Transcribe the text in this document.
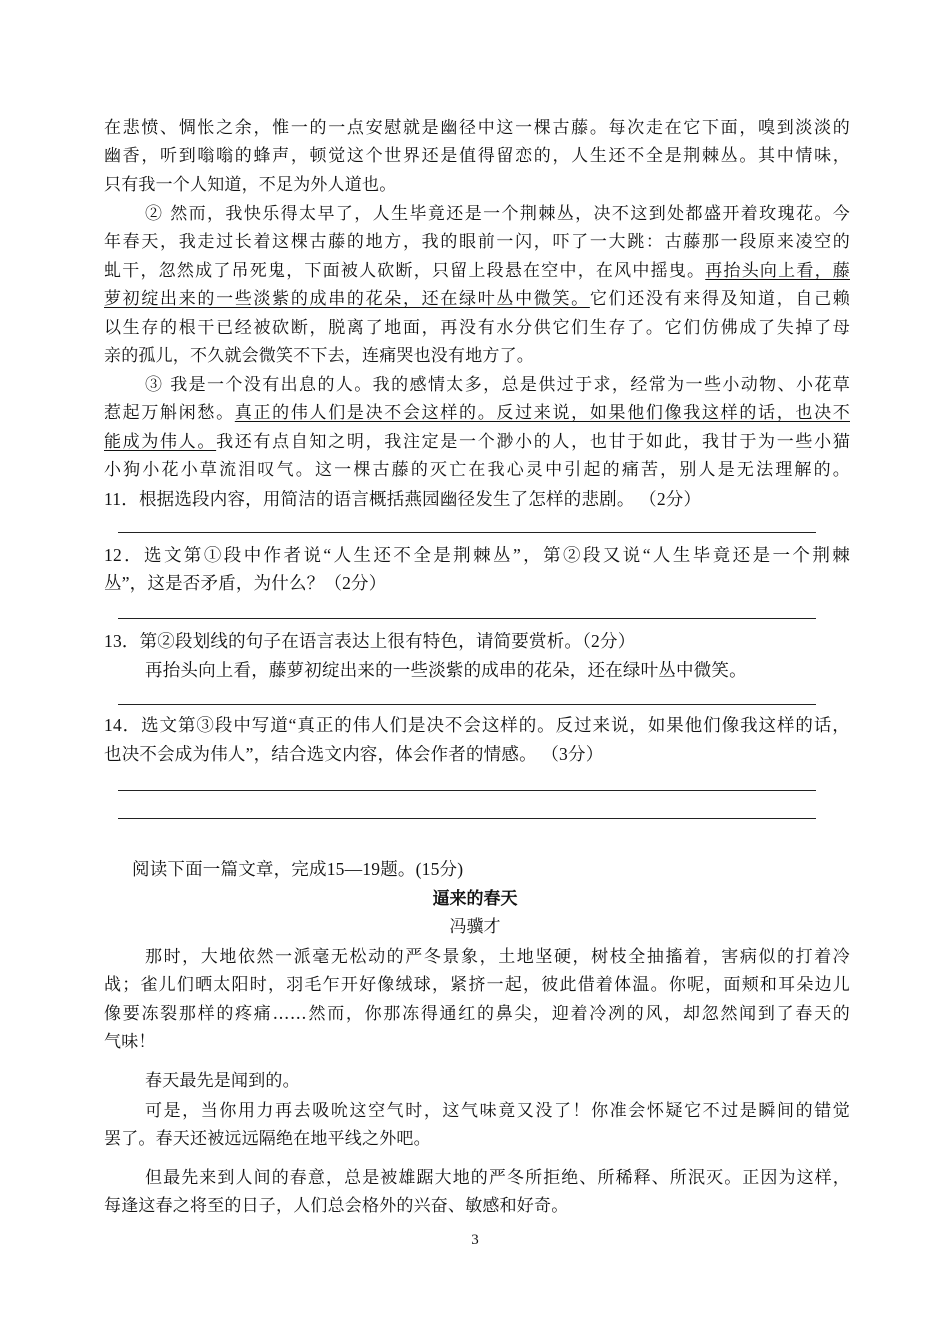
在悲愤、惆怅之余，惟一的一点安慰就是幽径中这一棵古藤。每次走在它下面，嗅到淡淡的
幽香，听到嗡嗡的蜂声，顿觉这个世界还是值得留恋的，人生还不全是荆棘丛。其中情味，
只有我一个人知道，不足为外人道也。
② 然而，我快乐得太早了，人生毕竟还是一个荆棘丛，决不这到处都盛开着玫瑰花。今
年春天，我走过长着这棵古藤的地方，我的眼前一闪，吓了一大跳：古藤那一段原来凌空的
虬干，忽然成了吊死鬼，下面被人砍断，只留上段悬在空中，在风中摇曳。再抬头向上看，藤
萝初绽出来的一些淡紫的成串的花朵，还在绿叶丛中微笑。它们还没有来得及知道，自己赖
以生存的根干已经被砍断，脱离了地面，再没有水分供它们生存了。它们仿佛成了失掉了母
亲的孤儿，不久就会微笑不下去，连痛哭也没有地方了。
③ 我是一个没有出息的人。我的感情太多，总是供过于求，经常为一些小动物、小花草
惹起万斛闲愁。真正的伟人们是决不会这样的。反过来说，如果他们像我这样的话，也决不
能成为伟人。我还有点自知之明，我注定是一个渺小的人，也甘于如此，我甘于为一些小猫
小狗小花小草流泪叹气。这一棵古藤的灭亡在我心灵中引起的痛苦，别人是无法理解的。
11．根据选段内容，用简洁的语言概括燕园幽径发生了怎样的悲剧。 （2分）
12．选文第①段中作者说“人生还不全是荆棘丛”，第②段又说“人生毕竟还是一个荆棘
丛”，这是否矛盾，为什么？（2分）
13．第②段划线的句子在语言表达上很有特色，请简要赏析。（2分）
再抬头向上看，藤萝初绽出来的一些淡紫的成串的花朵，还在绿叶丛中微笑。
14．选文第③段中写道“真正的伟人们是决不会这样的。反过来说，如果他们像我这样的话，
也决不会成为伟人”，结合选文内容，体会作者的情感。 （3分）
阅读下面一篇文章，完成15—19题。(15分)
逼来的春天
冯骥才
那时，大地依然一派毫无松动的严冬景象，土地坚硬，树枝全抽搐着，害病似的打着冷
战；雀儿们晒太阳时，羽毛乍开好像绒球，紧挤一起，彼此借着体温。你呢，面颊和耳朵边儿
像要冻裂那样的疼痛……然而，你那冻得通红的鼻尖，迎着冷冽的风，却忽然闻到了春天的
气味！
春天最先是闻到的。
可是，当你用力再去吸吮这空气时，这气味竟又没了！你准会怀疑它不过是瞬间的错觉
罢了。春天还被远远隔绝在地平线之外吧。
但最先来到人间的春意，总是被雄踞大地的严冬所拒绝、所稀释、所泯灭。正因为这样，
每逢这春之将至的日子，人们总会格外的兴奋、敏感和好奇。
3
